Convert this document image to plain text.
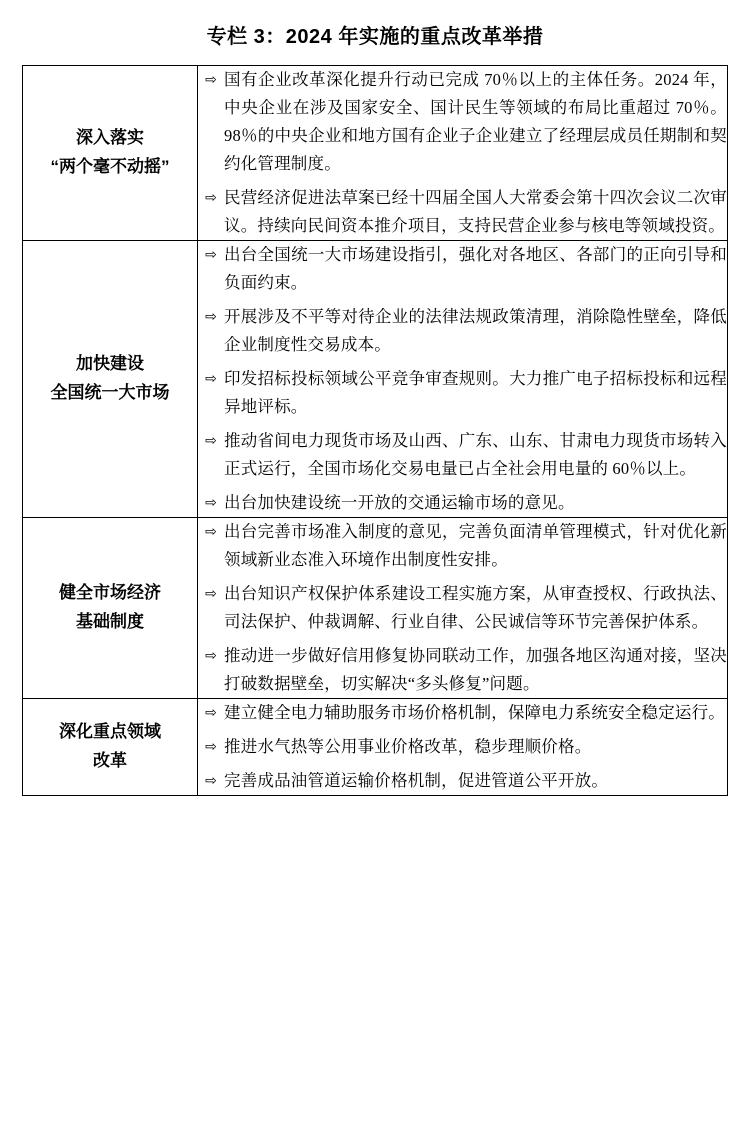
专栏 3：2024 年实施的重点改革举措
深入落实
“两个毫不动摇”

⇨ 国有企业改革深化提升行动已完成 70％以上的主体任务。2024 年，中央企业在涉及国家安全、国计民生等领域的布局比重超过 70％。98％的中央企业和地方国有企业子企业建立了经理层成员任期制和契约化管理制度。
⇨ 民营经济促进法草案已经十四届全国人大常委会第十四次会议二次审议。持续向民间资本推介项目，支持民营企业参与核电等领域投资。

加快建设
全国统一大市场

⇨ 出台全国统一大市场建设指引，强化对各地区、各部门的正向引导和负面约束。
⇨ 开展涉及不平等对待企业的法律法规政策清理，消除隐性壁垒，降低企业制度性交易成本。
⇨ 印发招标投标领域公平竞争审查规则。大力推广电子招标投标和远程异地评标。
⇨ 推动省间电力现货市场及山西、广东、山东、甘肃电力现货市场转入正式运行，全国市场化交易电量已占全社会用电量的 60％以上。
⇨ 出台加快建设统一开放的交通运输市场的意见。

健全市场经济
基础制度

⇨ 出台完善市场准入制度的意见，完善负面清单管理模式，针对优化新领域新业态准入环境作出制度性安排。
⇨ 出台知识产权保护体系建设工程实施方案，从审查授权、行政执法、司法保护、仲裁调解、行业自律、公民诚信等环节完善保护体系。
⇨ 推动进一步做好信用修复协同联动工作，加强各地区沟通对接，坚决打破数据壁垒，切实解决“多头修复”问题。

深化重点领域
改革

⇨ 建立健全电力辅助服务市场价格机制，保障电力系统安全稳定运行。
⇨ 推进水气热等公用事业价格改革，稳步理顺价格。
⇨ 完善成品油管道运输价格机制，促进管道公平开放。
